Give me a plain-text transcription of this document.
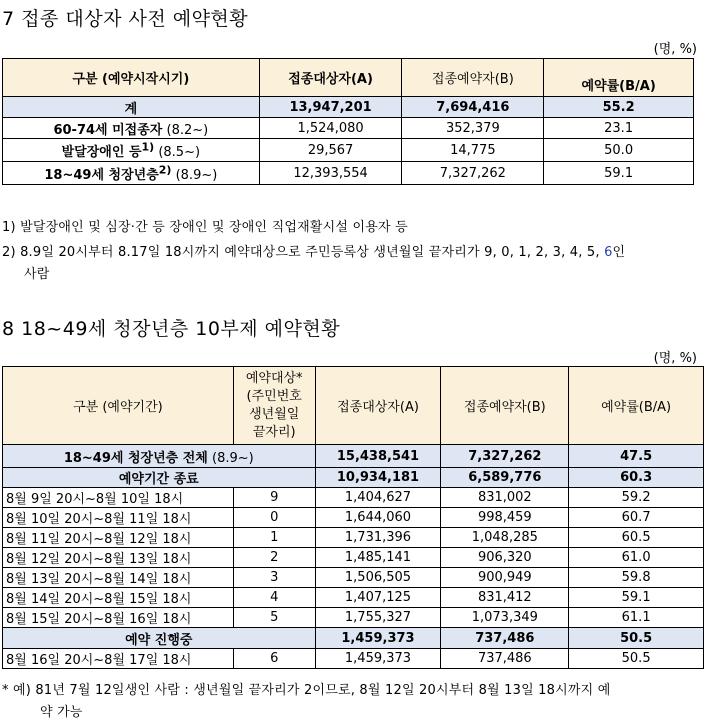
7 접종 대상자 사전 예약현황
(명, %)
구분 (예약시작시기)	접종대상자(A)	접종예약자(B)	예약률(B/A)
계	13,947,201	7,694,416	55.2
60-74세 미접종자 (8.2~)	1,524,080	352,379	23.1
발달장애인 등$^{1)}$ (8.5~)	29,567	14,775	50.0
18~49세 청장년층$^{2)}$ (8.9~)	12,393,554	7,327,262	59.1
1) 발달장애인 및 심장·간 등 장애인 및 장애인 직업재활시설 이용자 등
2) 8.9일 20시부터 8.17일 18시까지 예약대상으로 주민등록상 생년월일 끝자리가 9, 0, 1, 2, 3, 4, 5, 6인
사람
8 18~49세 청장년층 10부제 예약현황
(명, %)
구분 (예약기간)	예약대상*
(주민번호
생년월일
끝자리)	접종대상자(A)	접종예약자(B)	예약률(B/A)
18~49세 청장년층 전체 (8.9~)		15,438,541	7,327,262	47.5
예약기간 종료		10,934,181	6,589,776	60.3
8월 9일 20시~8월 10일 18시	9	1,404,627	831,002	59.2
8월 10일 20시~8월 11일 18시	0	1,644,060	998,459	60.7
8월 11일 20시~8월 12일 18시	1	1,731,396	1,048,285	60.5
8월 12일 20시~8월 13일 18시	2	1,485,141	906,320	61.0
8월 13일 20시~8월 14일 18시	3	1,506,505	900,949	59.8
8월 14일 20시~8월 15일 18시	4	1,407,125	831,412	59.1
8월 15일 20시~8월 16일 18시	5	1,755,327	1,073,349	61.1
예약 진행중		1,459,373	737,486	50.5
8월 16일 20시~8월 17일 18시	6	1,459,373	737,486	50.5
* 예) 81년 7월 12일생인 사람 : 생년월일 끝자리가 2이므로, 8월 12일 20시부터 8월 13일 18시까지 예
약 가능
